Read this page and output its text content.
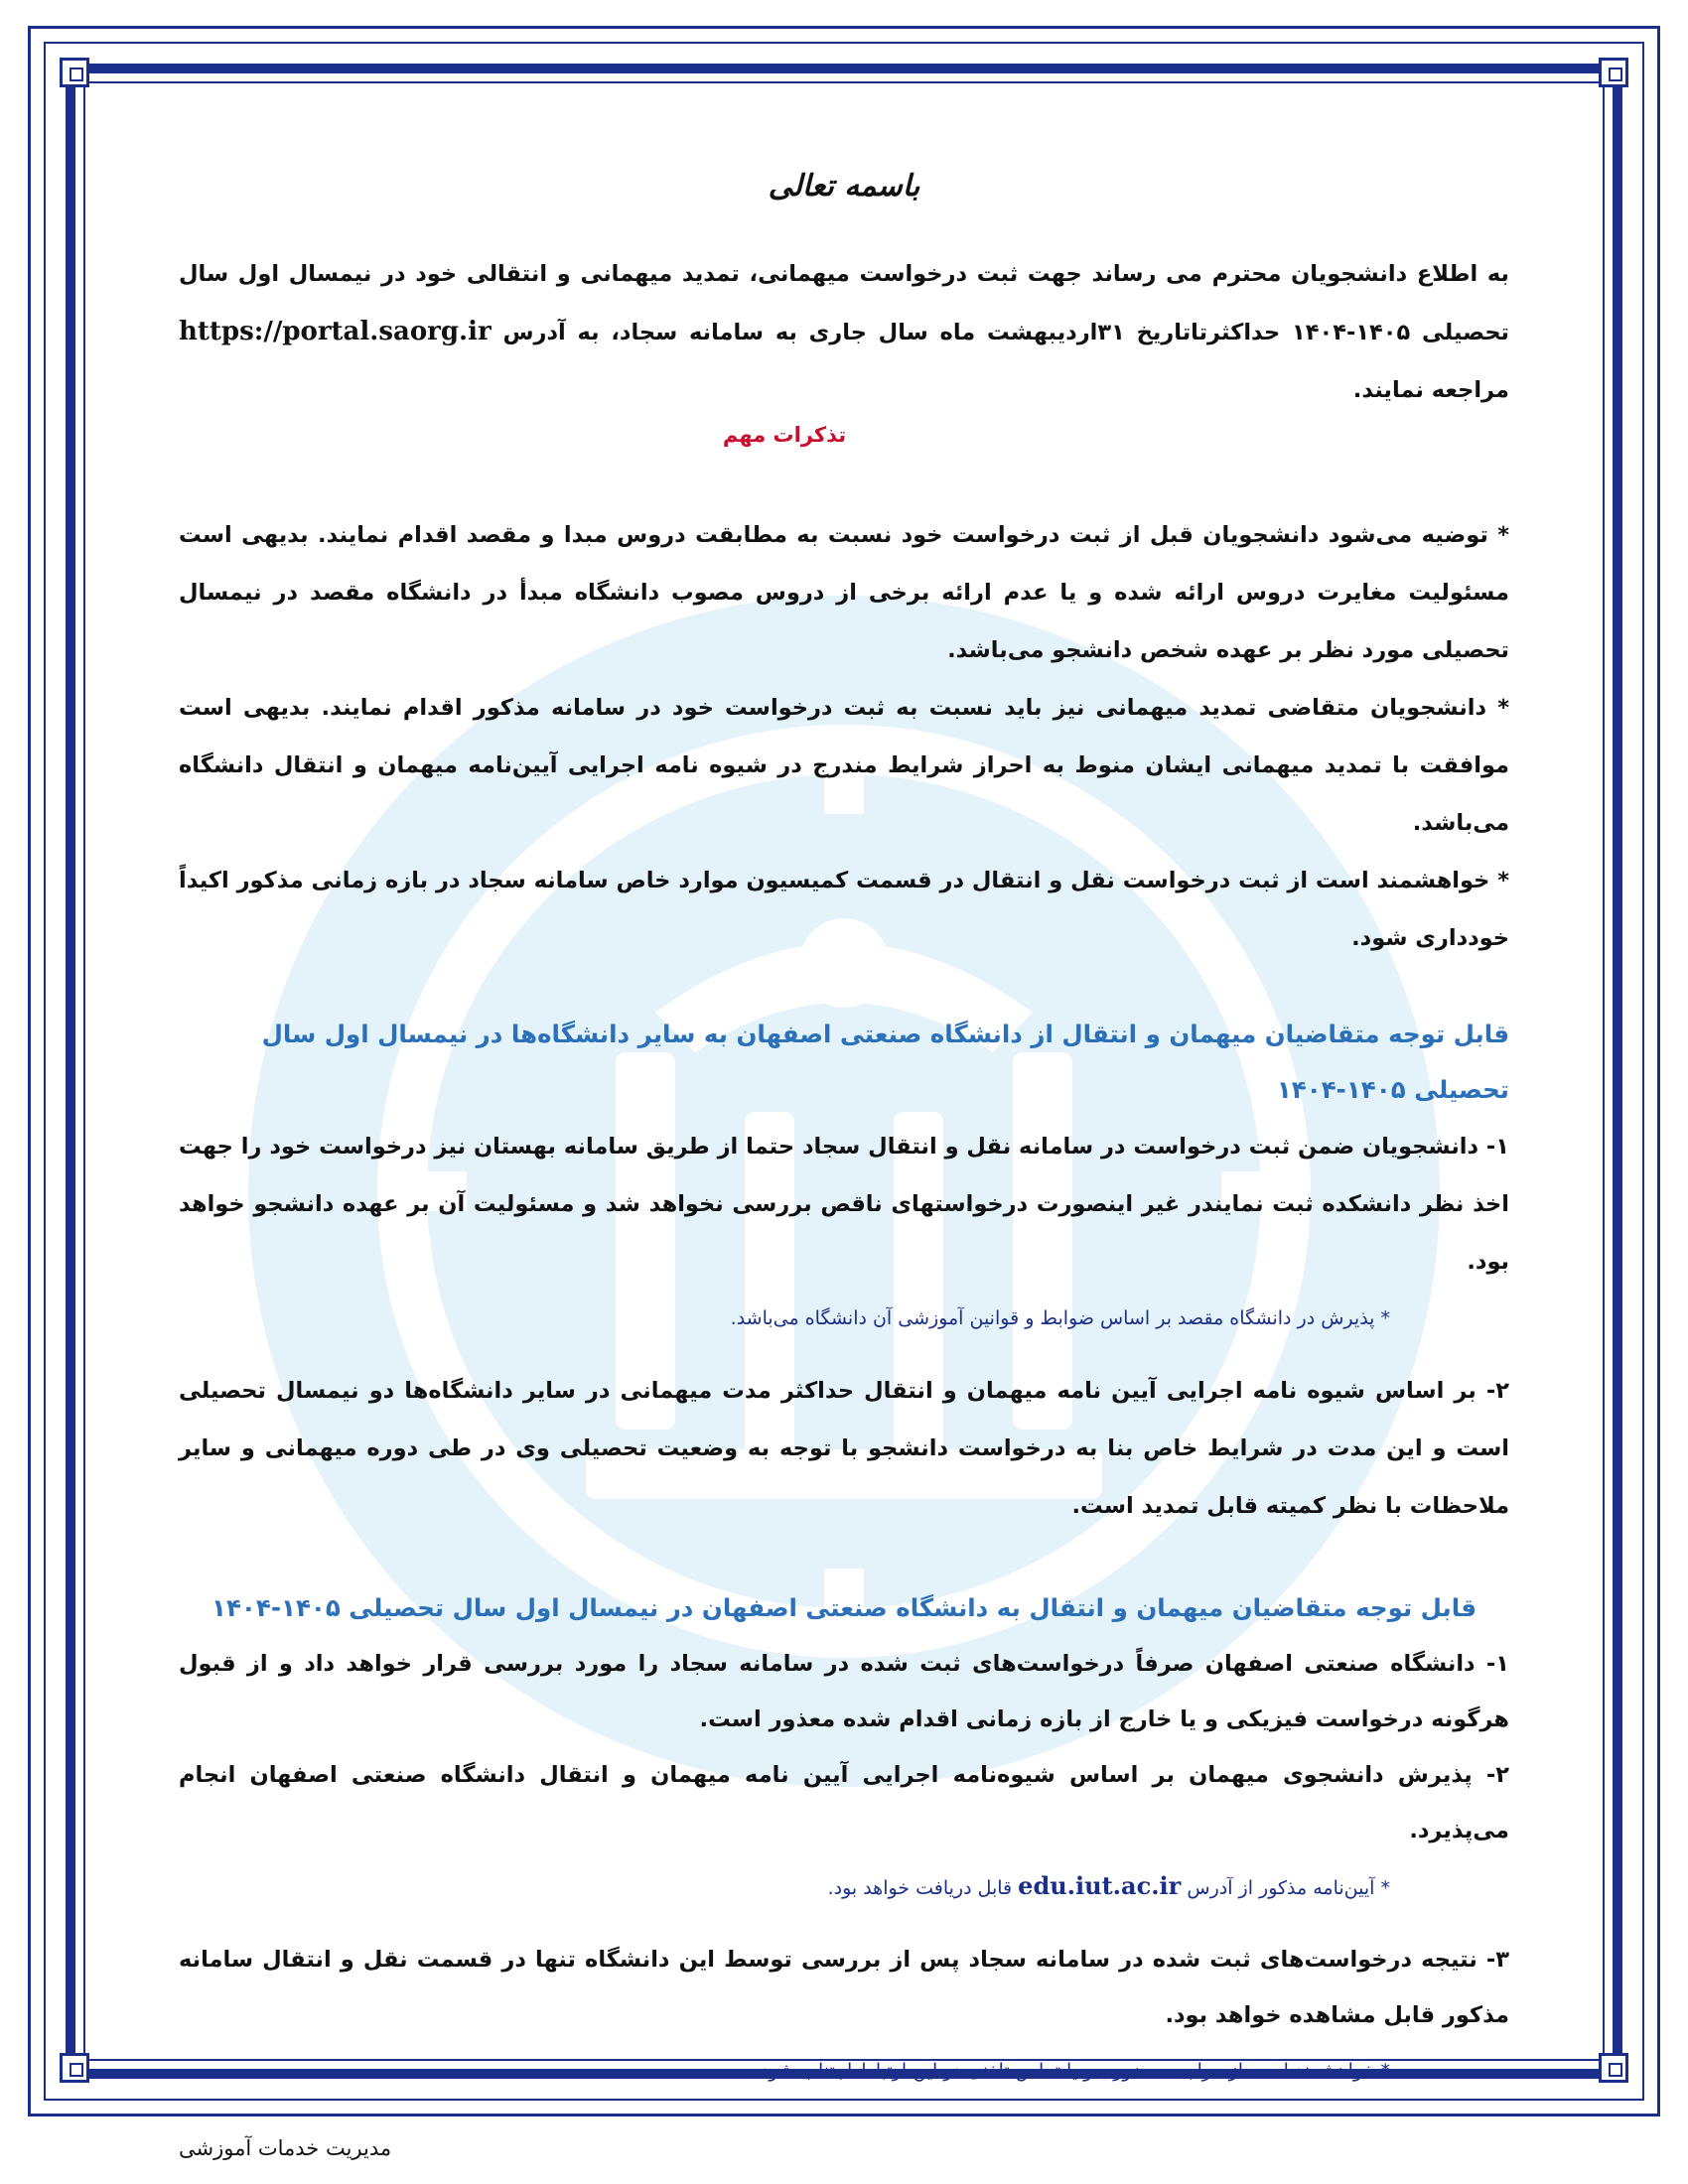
باسمه تعالی

به اطلاع دانشجویان محترم می رساند جهت ثبت درخواست میهمانی، تمدید میهمانی و انتقالی خود در نیمسال اول سال تحصیلی ۱۴۰۵-۱۴۰۴ حداکثرتاتاریخ ۳۱اردیبهشت ماه سال جاری به سامانه سجاد، به آدرس https://portal.saorg.ir مراجعه نمایند.

تذکرات مهم

* توضیه می‌شود دانشجویان قبل از ثبت درخواست خود نسبت به مطابقت دروس مبدا و مقصد اقدام نمایند. بدیهی است مسئولیت مغایرت دروس ارائه شده و یا عدم ارائه برخی از دروس مصوب دانشگاه مبدأ در دانشگاه مقصد در نیمسال تحصیلی مورد نظر بر عهده شخص دانشجو می‌باشد.

* دانشجویان متقاضی تمدید میهمانی نیز باید نسبت به ثبت درخواست خود در سامانه مذکور اقدام نمایند. بدیهی است موافقت با تمدید میهمانی ایشان منوط به احراز شرایط مندرج در شیوه نامه اجرایی آیین‌نامه میهمان و انتقال دانشگاه می‌باشد.

* خواهشمند است از ثبت درخواست نقل و انتقال در قسمت کمیسیون موارد خاص سامانه سجاد در بازه زمانی مذکور اکیداً خودداری شود.

قابل توجه متقاضیان میهمان و انتقال از دانشگاه صنعتی اصفهان به سایر دانشگاه‌ها در نیمسال اول سال تحصیلی ۱۴۰۵-۱۴۰۴

۱- دانشجویان ضمن ثبت درخواست در سامانه نقل و انتقال سجاد حتما از طریق سامانه بهستان نیز درخواست خود را جهت اخذ نظر دانشکده ثبت نمایندر غیر اینصورت درخواستهای ناقص بررسی نخواهد شد و مسئولیت آن بر عهده دانشجو خواهد بود.

* پذیرش در دانشگاه مقصد بر اساس ضوابط و قوانین آموزشی آن دانشگاه می‌باشد.

۲- بر اساس شیوه نامه اجرایی آیین نامه میهمان و انتقال حداکثر مدت میهمانی در سایر دانشگاه‌ها دو نیمسال تحصیلی است و این مدت در شرایط خاص بنا به درخواست دانشجو با توجه به وضعیت تحصیلی وی در طی دوره میهمانی و سایر ملاحظات با نظر کمیته قابل تمدید است.

قابل توجه متقاضیان میهمان و انتقال به دانشگاه صنعتی اصفهان در نیمسال اول سال تحصیلی ۱۴۰۵-۱۴۰۴

۱- دانشگاه صنعتی اصفهان صرفاً درخواست‌های ثبت شده در سامانه سجاد را مورد بررسی قرار خواهد داد و از قبول هرگونه درخواست فیزیکی و یا خارج از بازه زمانی اقدام شده معذور است.

۲- پذیرش دانشجوی میهمان بر اساس شیوه‌نامه اجرایی آیین نامه میهمان و انتقال دانشگاه صنعتی اصفهان انجام می‌پذیرد.

* آیین‌نامه مذکور از آدرس edu.iut.ac.ir قابل دریافت خواهد بود.

۳- نتیجه درخواست‌های ثبت شده در سامانه سجاد پس از بررسی توسط این دانشگاه تنها در قسمت نقل و انتقال سامانه مذکور قابل مشاهده خواهد بود.

* خواهشمند است از مراجعه حضوری و یا تماس تلفنی در این ارتباط اجتناب شود.
مدیریت خدمات آموزشی
